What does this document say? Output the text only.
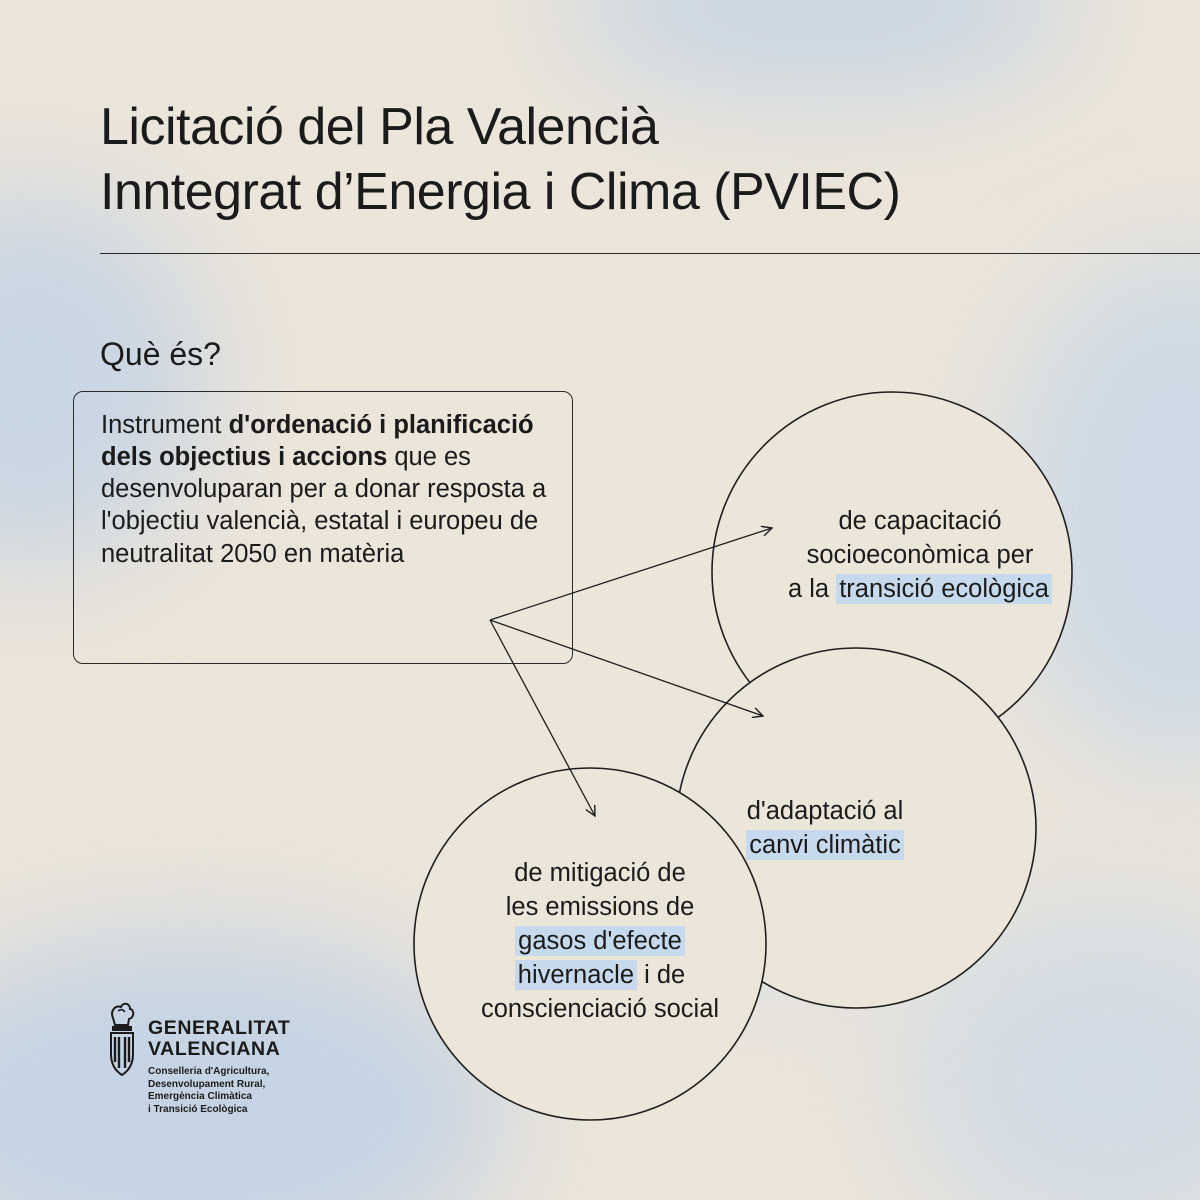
Licitació del Pla Valencià
Inntegrat d’Energia i Clima (PVIEC)
Què és?
Instrument d'ordenació i planificació dels objectius i accions que es desenvoluparan per a donar resposta a l'objectiu valencià, estatal i europeu de neutralitat 2050 en matèria
de capacitació
socioeconòmica per
a la transició ecològica
d'adaptació al
canvi climàtic
de mitigació de
les emissions de
gasos d'efecte
hivernacle i de
conscienciació social
GENERALITAT
VALENCIANA
Conselleria d'Agricultura,
Desenvolupament Rural,
Emergència Climàtica
i Transició Ecològica
